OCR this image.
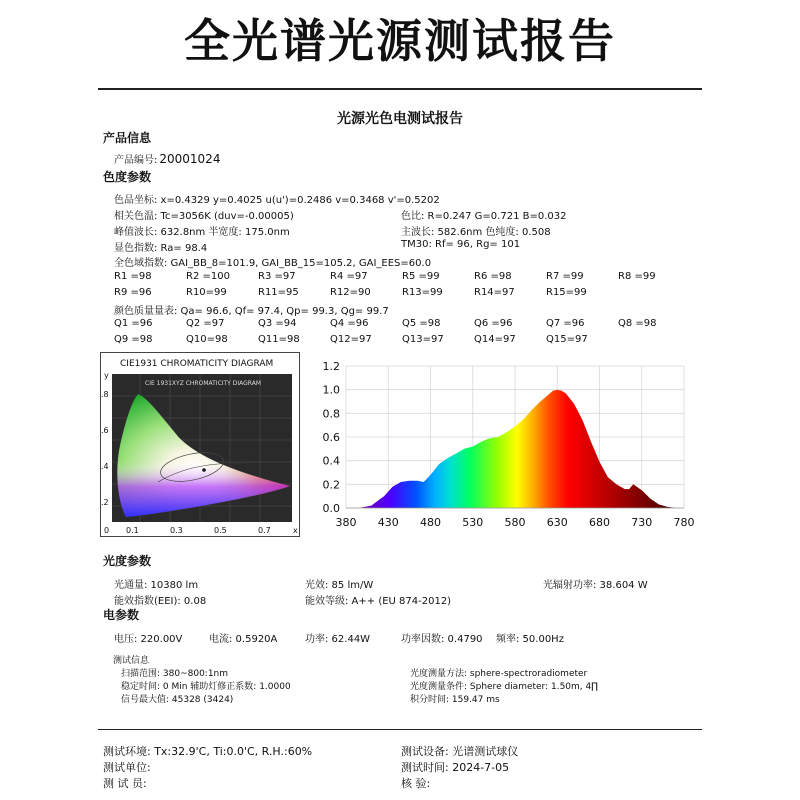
全光谱光源测试报告
光源光色电测试报告
产品信息
产品编号: 20001024
色度参数
色品坐标: x=0.4329 y=0.4025 u(u')=0.2486 v=0.3468 v'=0.5202
相关色温: Tc=3056K (duv=-0.00005)	色比: R=0.247 G=0.721 B=0.032
峰值波长: 632.8nm 半宽度: 175.0nm	主波长: 582.6nm 色纯度: 0.508
显色指数: Ra= 98.4	TM30: Rf= 96, Rg= 101
全色域指数: GAI_BB_8=101.9, GAI_BB_15=105.2, GAI_EES=60.0
R1 =98	R2 =100	R3 =97	R4 =97	R5 =99	R6 =98	R7 =99	R8 =99
R9 =96	R10=99	R11=95	R12=90	R13=99	R14=97	R15=99
颜色质量量表: Qa= 96.6, Qf= 97.4, Qp= 99.3, Qg= 99.7
Q1 =96	Q2 =97	Q3 =94	Q4 =96	Q5 =98	Q6 =96	Q7 =96	Q8 =98
Q9 =98	Q10=98	Q11=98	Q12=97	Q13=97	Q14=97	Q15=97
CIE1931 CHROMATICITY DIAGRAM
y
x
CIE 1931XYZ CHROMATICITY DIAGRAM
.8
.6
.4
.2
0 0.1	0.3	0.5	0.7
0.0
0.2
0.4
0.6
0.8
1.0
1.2
380 430 480 530 580 630 680 730 780
光度参数
光通量: 10380 lm	光效: 85 lm/W	光辐射功率: 38.604 W
能效指数(EEI): 0.08	能效等级: A++ (EU 874-2012)
电参数
电压: 220.00V	电流: 0.5920A	功率: 62.44W	功率因数: 0.4790 频率: 50.00Hz
测试信息
扫描范围: 380~800:1nm
稳定时间: 0 Min 辅助灯修正系数: 1.0000
信号最大值: 45328 (3424)
光度测量方法: sphere-spectroradiometer
光度测量条件: Sphere diameter: 1.50m, 4∏
积分时间: 159.47 ms
测试环境: Tx:32.9'C, Ti:0.0'C, R.H.:60%	测试设备: 光谱测试球仪
测试单位:	测试时间: 2024-7-05
测 试 员:	核 验:
